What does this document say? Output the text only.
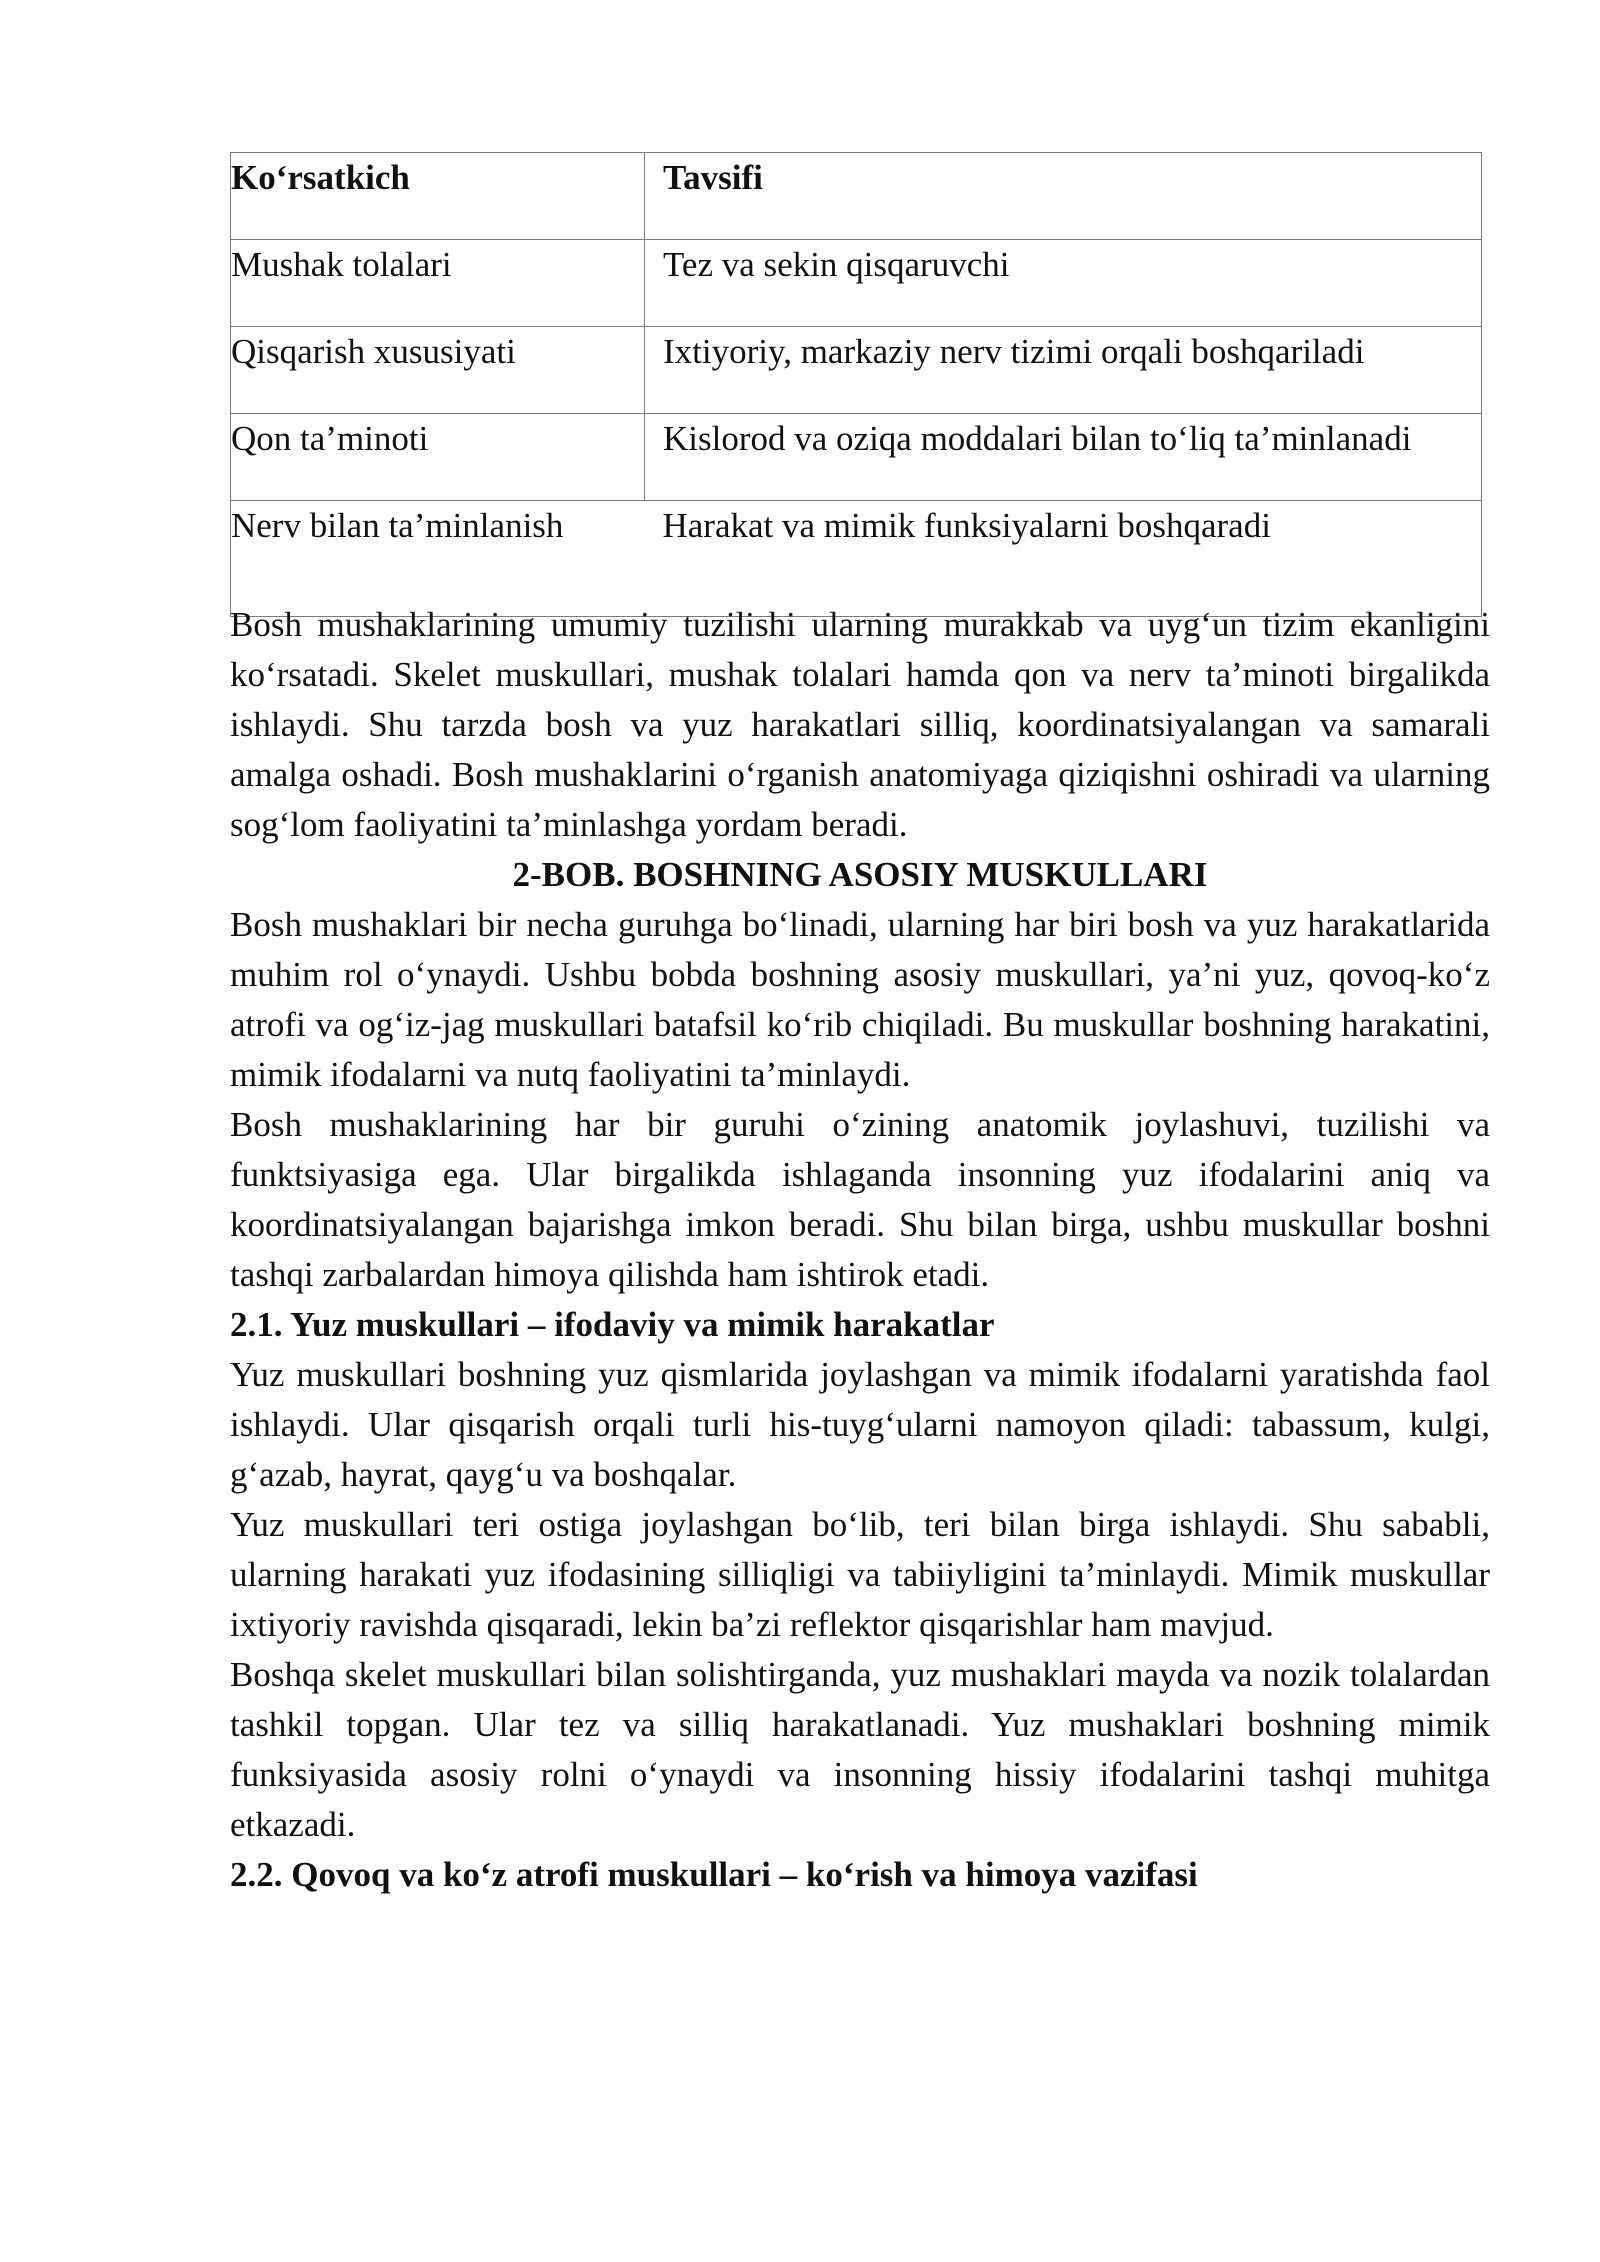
Ko‘rsatkich	Tavsifi
Mushak tolalari	Tez va sekin qisqaruvchi
Qisqarish xususiyati	Ixtiyoriy, markaziy nerv tizimi orqali boshqariladi
Qon ta’minoti	Kislorod va oziqa moddalari bilan to‘liq ta’minlanadi
Nerv bilan ta’minlanish	Harakat va mimik funksiyalarni boshqaradi

Bosh mushaklarining umumiy tuzilishi ularning murakkab va uyg‘un tizim ekanligini ko‘rsatadi. Skelet muskullari, mushak tolalari hamda qon va nerv ta’minoti birgalikda ishlaydi. Shu tarzda bosh va yuz harakatlari silliq, koordinatsiyalangan va samarali amalga oshadi. Bosh mushaklarini o‘rganish anatomiyaga qiziqishni oshiradi va ularning sog‘lom faoliyatini ta’minlashga yordam beradi.

2-BOB. BOSHNING ASOSIY MUSKULLARI

Bosh mushaklari bir necha guruhga bo‘linadi, ularning har biri bosh va yuz harakatlarida muhim rol o‘ynaydi. Ushbu bobda boshning asosiy muskullari, ya’ni yuz, qovoq-ko‘z atrofi va og‘iz-jag muskullari batafsil ko‘rib chiqiladi. Bu muskullar boshning harakatini, mimik ifodalarni va nutq faoliyatini ta’minlaydi.

Bosh mushaklarining har bir guruhi o‘zining anatomik joylashuvi, tuzilishi va funktsiyasiga ega. Ular birgalikda ishlaganda insonning yuz ifodalarini aniq va koordinatsiyalangan bajarishga imkon beradi. Shu bilan birga, ushbu muskullar boshni tashqi zarbalardan himoya qilishda ham ishtirok etadi.

2.1. Yuz muskullari – ifodaviy va mimik harakatlar

Yuz muskullari boshning yuz qismlarida joylashgan va mimik ifodalarni yaratishda faol ishlaydi. Ular qisqarish orqali turli his-tuyg‘ularni namoyon qiladi: tabassum, kulgi, g‘azab, hayrat, qayg‘u va boshqalar.

Yuz muskullari teri ostiga joylashgan bo‘lib, teri bilan birga ishlaydi. Shu sababli, ularning harakati yuz ifodasining silliqligi va tabiiyligini ta’minlaydi. Mimik muskullar ixtiyoriy ravishda qisqaradi, lekin ba’zi reflektor qisqarishlar ham mavjud.

Boshqa skelet muskullari bilan solishtirganda, yuz mushaklari mayda va nozik tolalardan tashkil topgan. Ular tez va silliq harakatlanadi. Yuz mushaklari boshning mimik funksiyasida asosiy rolni o‘ynaydi va insonning hissiy ifodalarini tashqi muhitga etkazadi.

2.2. Qovoq va ko‘z atrofi muskullari – ko‘rish va himoya vazifasi
